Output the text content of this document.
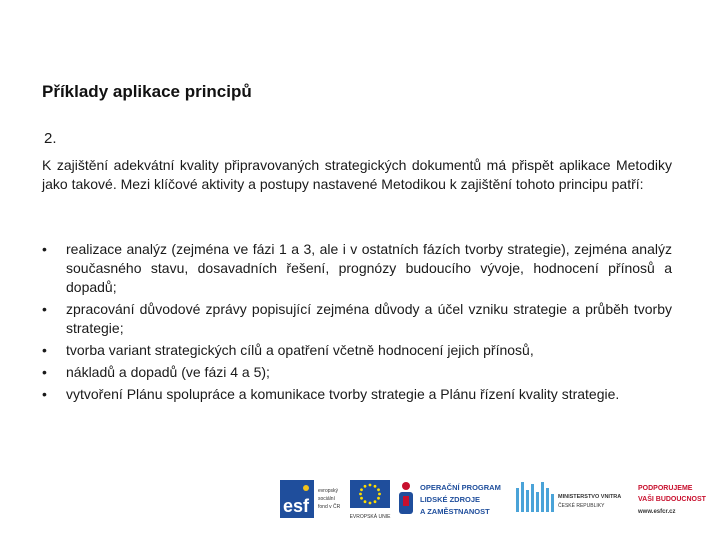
Příklady aplikace principů
2.
K zajištění adekvátní kvality připravovaných strategických dokumentů má přispět aplikace Metodiky jako takové. Mezi klíčové aktivity a postupy nastavené Metodikou k zajištění tohoto principu patří:
• realizace analýz (zejména ve fázi 1 a 3, ale i v ostatních fázích tvorby strategie), zejména analýz současného stavu, dosavadních řešení, prognózy budoucího vývoje, hodnocení přínosů a dopadů;
• zpracování důvodové zprávy popisující zejména důvody a účel vzniku strategie a průběh tvorby strategie;
• tvorba variant strategických cílů a opatření včetně hodnocení jejich přínosů,
• nákladů a dopadů (ve fázi 4 a 5);
• vytvoření Plánu spolupráce a komunikace tvorby strategie a Plánu řízení kvality strategie.
esf
evropský
sociální
fond v ČR
EVROPSKÁ UNIE
OPERAČNÍ PROGRAM
LIDSKÉ ZDROJE
A ZAMĚSTNANOST
MINISTERSTVO VNITRA
ČESKÉ REPUBLIKY
PODPORUJEME
VAŠI BUDOUCNOST
www.esfcr.cz
